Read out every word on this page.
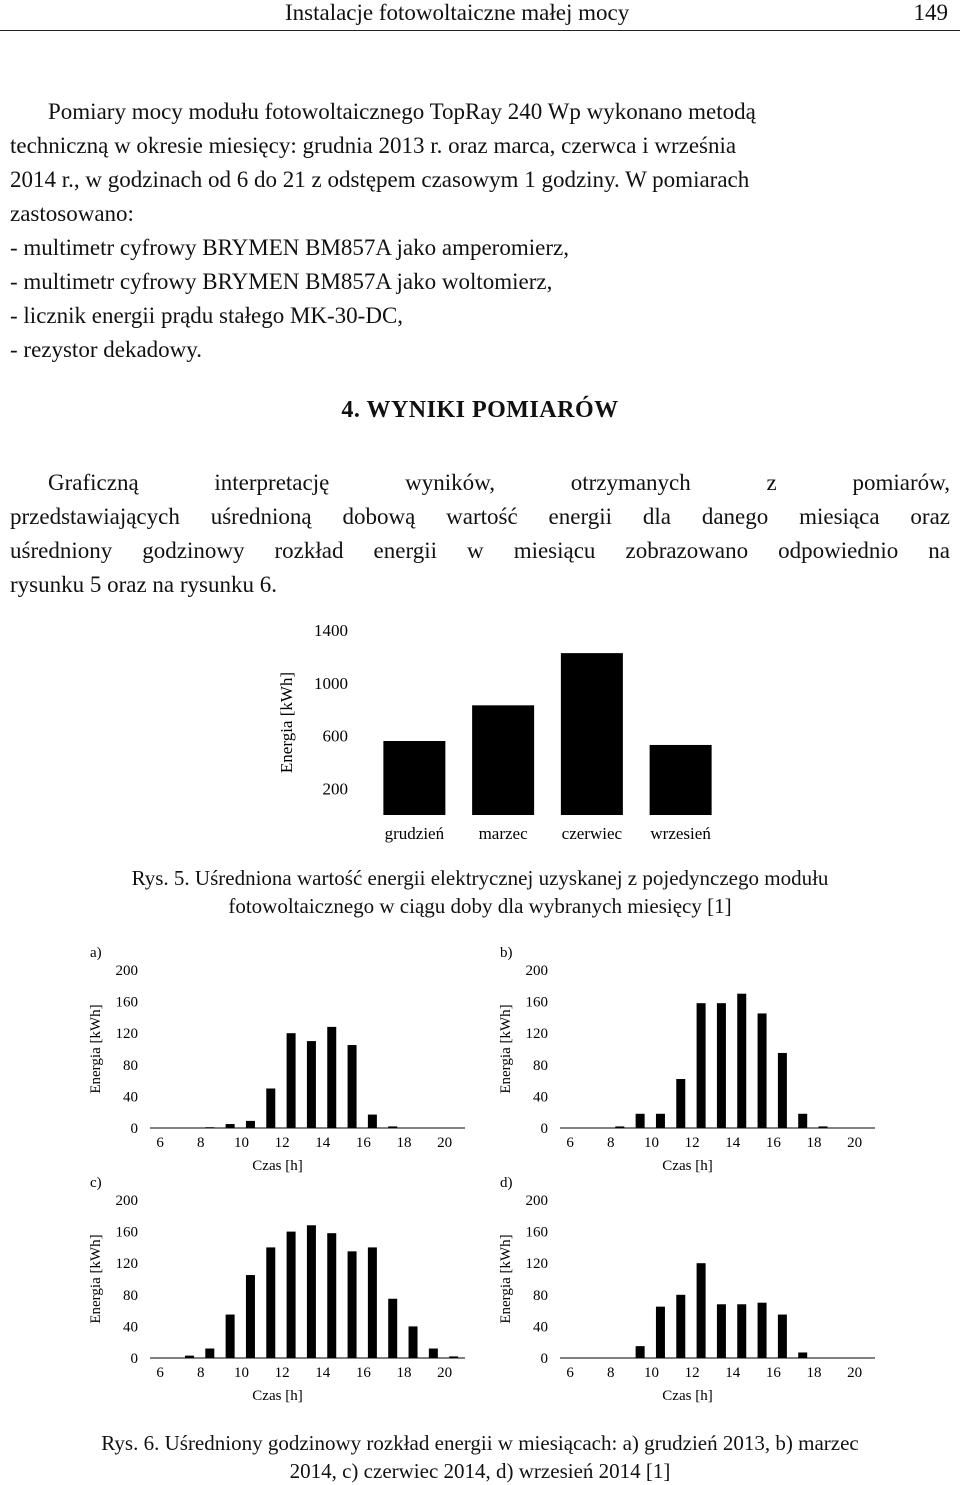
Instalacje fotowoltaiczne małej mocy	149
Pomiary mocy modułu fotowoltaicznego TopRay 240 Wp wykonano metodą
techniczną w okresie miesięcy: grudnia 2013 r. oraz marca, czerwca i września
2014 r., w godzinach od 6 do 21 z odstępem czasowym 1 godziny. W pomiarach
zastosowano:
- multimetr cyfrowy BRYMEN BM857A jako amperomierz,
- multimetr cyfrowy BRYMEN BM857A jako woltomierz,
- licznik energii prądu stałego MK-30-DC,
- rezystor dekadowy.
4. WYNIKI POMIARÓW
Graficzną interpretację wyników, otrzymanych z pomiarów,
przedstawiających uśrednioną dobową wartość energii dla danego miesiąca oraz
uśredniony godzinowy rozkład energii w miesiącu zobrazowano odpowiednio na
rysunku 5 oraz na rysunku 6.
200
600
1000
1400
Energia [kWh]
grudzień marzec czerwiec wrzesień
Rys. 5. Uśredniona wartość energii elektrycznej uzyskanej z pojedynczego modułu
fotowoltaicznego w ciągu doby dla wybranych miesięcy [1]
a)
0
40
80
120
160
200
Energia [kWh]
6 8 10 12 14 16 18 20
Czas [h]
b)
0
40
80
120
160
200
Energia [kWh]
6 8 10 12 14 16 18 20
Czas [h]
c)
0
40
80
120
160
200
Energia [kWh]
6 8 10 12 14 16 18 20
Czas [h]
d)
0
40
80
120
160
200
Energia [kWh]
6 8 10 12 14 16 18 20
Czas [h]
Rys. 6. Uśredniony godzinowy rozkład energii w miesiącach: a) grudzień 2013, b) marzec
2014, c) czerwiec 2014, d) wrzesień 2014 [1]
